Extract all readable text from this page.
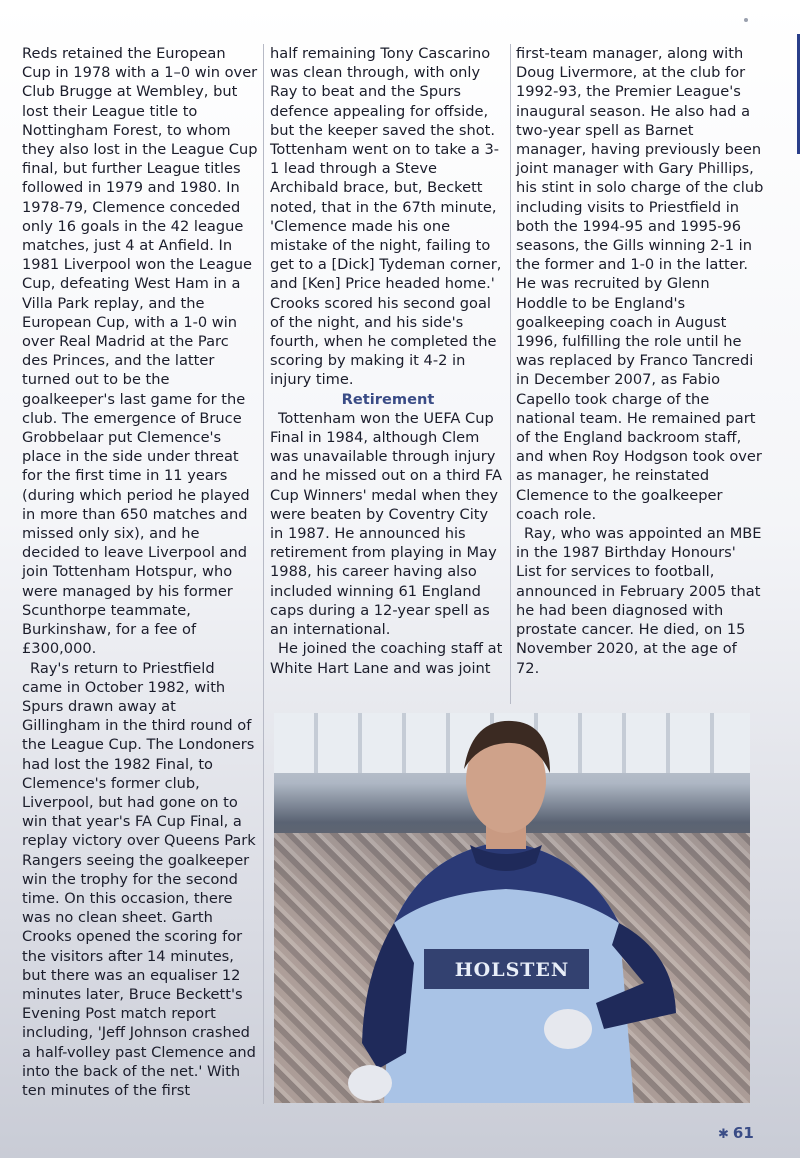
Reds retained the European Cup in 1978 with a 1–0 win over Club Brugge at Wembley, but lost their League title to Nottingham Forest, to whom they also lost in the League Cup final, but further League titles followed in 1979 and 1980. In 1978-79, Clemence conceded only 16 goals in the 42 league matches, just 4 at Anfield. In 1981 Liverpool won the League Cup, defeating West Ham in a Villa Park replay, and the European Cup, with a 1-0 win over Real Madrid at the Parc des Princes, and the latter turned out to be the goalkeeper's last game for the club. The emergence of Bruce Grobbelaar put Clemence's place in the side under threat for the first time in 11 years (during which period he played in more than 650 matches and missed only six), and he decided to leave Liverpool and join Tottenham Hotspur, who were managed by his former Scunthorpe teammate, Burkinshaw, for a fee of £300,000.

Ray's return to Priestfield came in October 1982, with Spurs drawn away at Gillingham in the third round of the League Cup. The Londoners had lost the 1982 Final, to Clemence's former club, Liverpool, but had gone on to win that year's FA Cup Final, a replay victory over Queens Park Rangers seeing the goalkeeper win the trophy for the second time. On this occasion, there was no clean sheet. Garth Crooks opened the scoring for the visitors after 14 minutes, but there was an equaliser 12 minutes later, Bruce Beckett's Evening Post match report including, 'Jeff Johnson crashed a half-volley past Clemence and into the back of the net.' With ten minutes of the first

half remaining Tony Cascarino was clean through, with only Ray to beat and the Spurs defence appealing for offside, but the keeper saved the shot. Tottenham went on to take a 3-1 lead through a Steve Archibald brace, but, Beckett noted, that in the 67th minute, 'Clemence made his one mistake of the night, failing to get to a [Dick] Tydeman corner, and [Ken] Price headed home.' Crooks scored his second goal of the night, and his side's fourth, when he completed the scoring by making it 4-2 in injury time.

Retirement

Tottenham won the UEFA Cup Final in 1984, although Clem was unavailable through injury and he missed out on a third FA Cup Winners' medal when they were beaten by Coventry City in 1987. He announced his retirement from playing in May 1988, his career having also included winning 61 England caps during a 12-year spell as an international.

He joined the coaching staff at White Hart Lane and was joint

first-team manager, along with Doug Livermore, at the club for 1992-93, the Premier League's inaugural season. He also had a two-year spell as Barnet manager, having previously been joint manager with Gary Phillips, his stint in solo charge of the club including visits to Priestfield in both the 1994-95 and 1995-96 seasons, the Gills winning 2-1 in the former and 1-0 in the latter. He was recruited by Glenn Hoddle to be England's goalkeeping coach in August 1996, fulfilling the role until he was replaced by Franco Tancredi in December 2007, as Fabio Capello took charge of the national team. He remained part of the England backroom staff, and when Roy Hodgson took over as manager, he reinstated Clemence to the goalkeeper coach role.

Ray, who was appointed an MBE in the 1987 Birthday Honours' List for services to football, announced in February 2005 that he had been diagnosed with prostate cancer. He died, on 15 November 2020, at the age of 72.

HOLSTEN
✱ 61
